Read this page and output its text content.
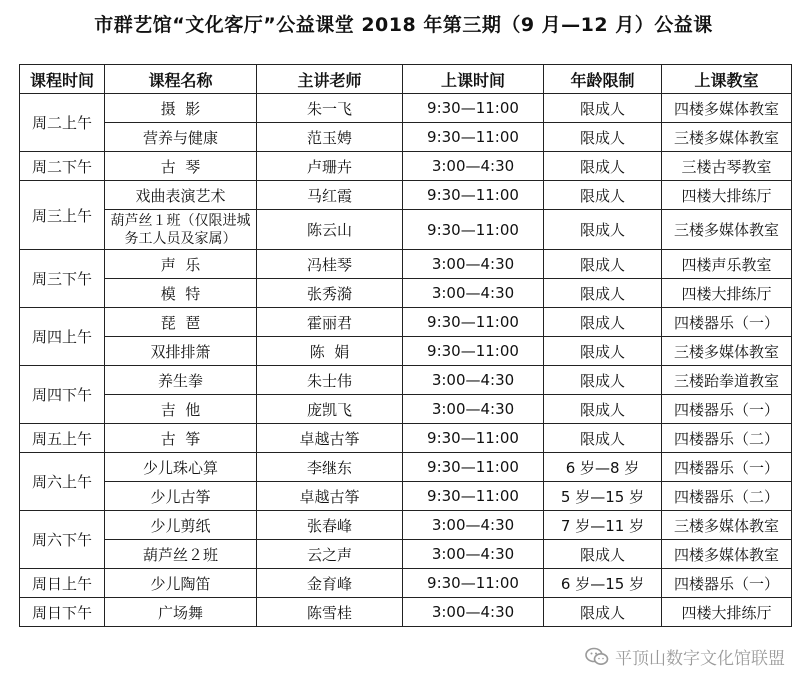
市群艺馆“文化客厅”公益课堂 2018 年第三期（9 月—12 月）公益课
课程时间	课程名称	主讲老师	上课时间	年龄限制	上课教室
周二上午	摄  影	朱一飞	9:30—11:00	限成人	四楼多媒体教室
	营养与健康	范玉娉	9:30—11:00	限成人	三楼多媒体教室
周二下午	古  琴	卢珊卉	3:00—4:30	限成人	三楼古琴教室
周三上午	戏曲表演艺术	马红霞	9:30—11:00	限成人	四楼大排练厅
	葫芦丝１班（仅限进城务工人员及家属）	陈云山	9:30—11:00	限成人	三楼多媒体教室
周三下午	声  乐	冯桂琴	3:00—4:30	限成人	四楼声乐教室
	模  特	张秀漪	3:00—4:30	限成人	四楼大排练厅
周四上午	琵  琶	霍丽君	9:30—11:00	限成人	四楼器乐（一）
	双排排箫	陈  娟	9:30—11:00	限成人	三楼多媒体教室
周四下午	养生拳	朱士伟	3:00—4:30	限成人	三楼跆拳道教室
	吉  他	庞凯飞	3:00—4:30	限成人	四楼器乐（一）
周五上午	古  筝	卓越古筝	9:30—11:00	限成人	四楼器乐（二）
周六上午	少儿珠心算	李继东	9:30—11:00	6 岁—8 岁	四楼器乐（一）
	少儿古筝	卓越古筝	9:30—11:00	5 岁—15 岁	四楼器乐（二）
周六下午	少儿剪纸	张春峰	3:00—4:30	7 岁—11 岁	三楼多媒体教室
	葫芦丝２班	云之声	3:00—4:30	限成人	四楼多媒体教室
周日上午	少儿陶笛	金育峰	9:30—11:00	6 岁—15 岁	四楼器乐（一）
周日下午	广场舞	陈雪桂	3:00—4:30	限成人	四楼大排练厅
平顶山数字文化馆联盟
